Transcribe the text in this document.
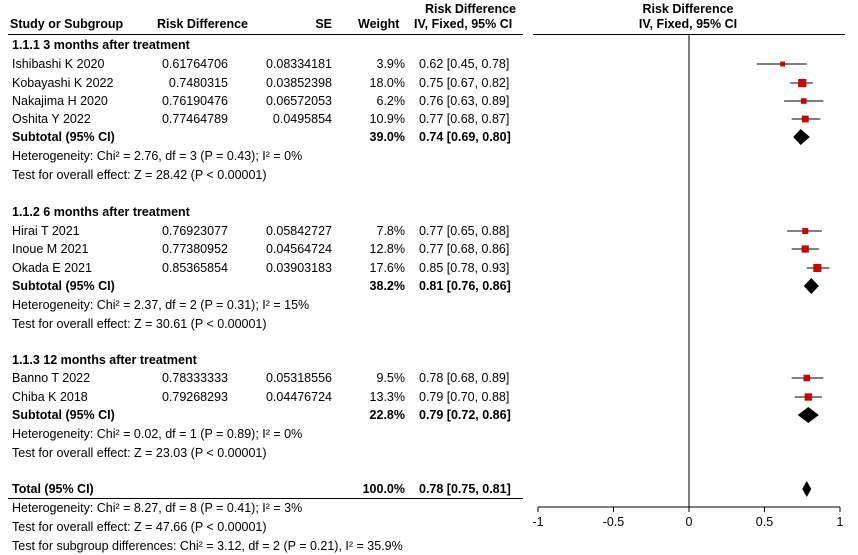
Study or Subgroup	Risk Difference	SE Weight
Risk Difference
IV, Fixed, 95% CI
Risk Difference
IV, Fixed, 95% CI
1.1.1 3 months after treatment
Ishibashi K 2020	0.61764706	0.08334181	3.9% 0.62 [0.45, 0.78]
Kobayashi K 2022	0.7480315	0.03852398	18.0% 0.75 [0.67, 0.82]
Nakajima H 2020	0.76190476	0.06572053	6.2% 0.76 [0.63, 0.89]
Oshita Y 2022	0.77464789	0.0495854	10.9% 0.77 [0.68, 0.87]
Subtotal (95% CI)	39.0% 0.74 [0.69, 0.80]
Heterogeneity: Chi² = 2.76, df = 3 (P = 0.43); I² = 0%
Test for overall effect: Z = 28.42 (P < 0.00001)
1.1.2 6 months after treatment
Hirai T 2021	0.76923077	0.05842727	7.8% 0.77 [0.65, 0.88]
Inoue M 2021	0.77380952	0.04564724	12.8% 0.77 [0.68, 0.86]
Okada E 2021	0.85365854	0.03903183	17.6% 0.85 [0.78, 0.93]
Subtotal (95% CI)	38.2% 0.81 [0.76, 0.86]
Heterogeneity: Chi² = 2.37, df = 2 (P = 0.31); I² = 15%
Test for overall effect: Z = 30.61 (P < 0.00001)
1.1.3 12 months after treatment
Banno T 2022	0.78333333	0.05318556	9.5% 0.78 [0.68, 0.89]
Chiba K 2018	0.79268293	0.04476724	13.3% 0.79 [0.70, 0.88]
Subtotal (95% CI)	22.8% 0.79 [0.72, 0.86]
Heterogeneity: Chi² = 0.02, df = 1 (P = 0.89); I² = 0%
Test for overall effect: Z = 23.03 (P < 0.00001)
Total (95% CI)	100.0% 0.78 [0.75, 0.81]
Heterogeneity: Chi² = 8.27, df = 8 (P = 0.41); I² = 3%
Test for overall effect: Z = 47.66 (P < 0.00001)
Test for subgroup differences: Chi² = 3.12, df = 2 (P = 0.21), I² = 35.9%
-1	-0.5	0	0.5	1
